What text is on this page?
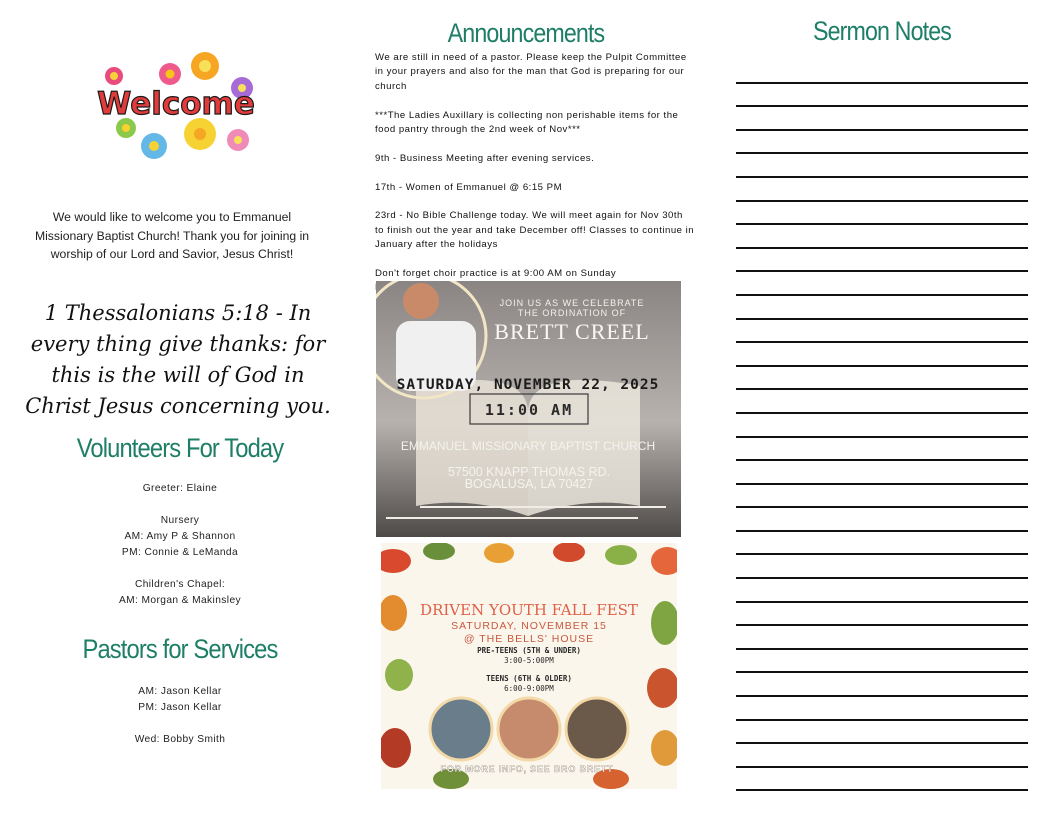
Welcome
We would like to welcome you to Emmanuel Missionary Baptist Church! Thank you for joining in worship of our Lord and Savior, Jesus Christ!
1 Thessalonians 5:18 - In every thing give thanks: for this is the will of God in Christ Jesus concerning you.
Volunteers For Today
Greeter: Elaine
Nursery
AM: Amy P & Shannon
PM: Connie & LeManda
Children's Chapel:
AM: Morgan & Makinsley
Pastors for Services
AM: Jason Kellar
PM: Jason Kellar
Wed: Bobby Smith
Announcements

We are still in need of a pastor. Please keep the Pulpit Committee in your prayers and also for the man that God is preparing for our church

***The Ladies Auxillary is collecting non perishable items for the food pantry through the 2nd week of Nov***

9th - Business Meeting after evening services.

17th - Women of Emmanuel @ 6:15 PM

23rd - No Bible Challenge today. We will meet again for Nov 30th to finish out the year and take December off! Classes to continue in January after the holidays

Don't forget choir practice is at 9:00 AM on Sunday

JOIN US AS WE CELEBRATE
THE ORDINATION OF
BRETT CREEL
SATURDAY, NOVEMBER 22, 2025
11:00 AM
EMMANUEL MISSIONARY BAPTIST CHURCH
57500 KNAPP THOMAS RD.
BOGALUSA, LA 70427
DRIVEN YOUTH FALL FEST
SATURDAY, NOVEMBER 15
@ THE BELLS' HOUSE
PRE-TEENS (5TH & UNDER)
3:00-5:00PM
TEENS (6TH & OLDER)
6:00-9:00PM
FOR MORE INFO, SEE BRO BRETT
Sermon Notes
